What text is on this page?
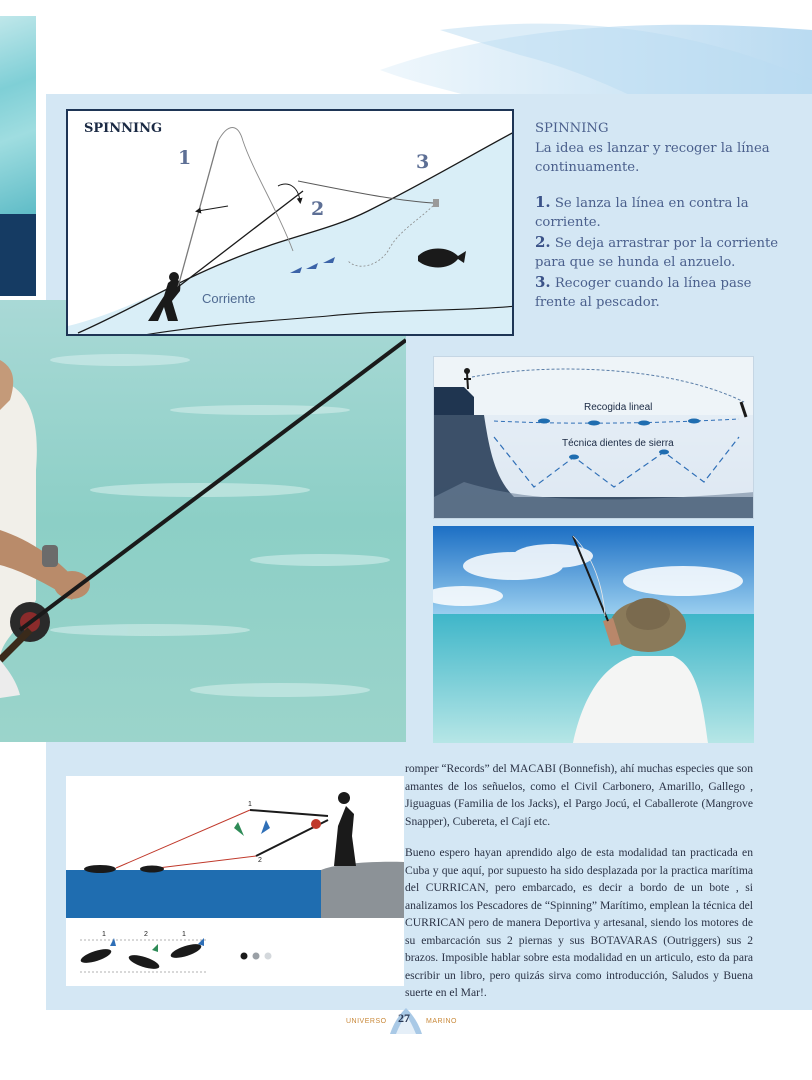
SPINNING
1
2
3
Corriente
SPINNING
La idea es lanzar y recoger la línea continuamente.
1. Se lanza la línea en contra la corriente.
2. Se deja arrastrar por la corriente para que se hunda el anzuelo.
3. Recoger cuando la línea pase frente al pescador.
Recogida lineal
Técnica dientes de sierra
1
2
1	2	1

romper “Records” del MACABI (Bonnefish), ahí muchas especies que son amantes de los señuelos, como el Civil Carbonero, Amarillo, Gallego , Jiguaguas (Familia de los Jacks), el Pargo Jocú, el Caballerote (Mangrove Snapper), Cubereta, el Cají etc.

Bueno espero hayan aprendido algo de esta modalidad tan practicada en Cuba y que aquí, por supuesto ha sido desplazada por la practica marítima del CURRICAN, pero embarcado, es decir a bordo de un bote , si analizamos los Pescadores de “Spinning” Marítimo, emplean la técnica del CURRICAN pero de manera Deportiva y artesanal, siendo los motores de su embarcación sus 2 piernas y sus BOTAVARAS (Outriggers) sus 2 brazos. Imposible hablar sobre esta modalidad en un articulo, esto da para escribir un libro, pero quizás sirva como introducción, Saludos y Buena suerte en el Mar!.

UNIVERSO 27 MARINO
